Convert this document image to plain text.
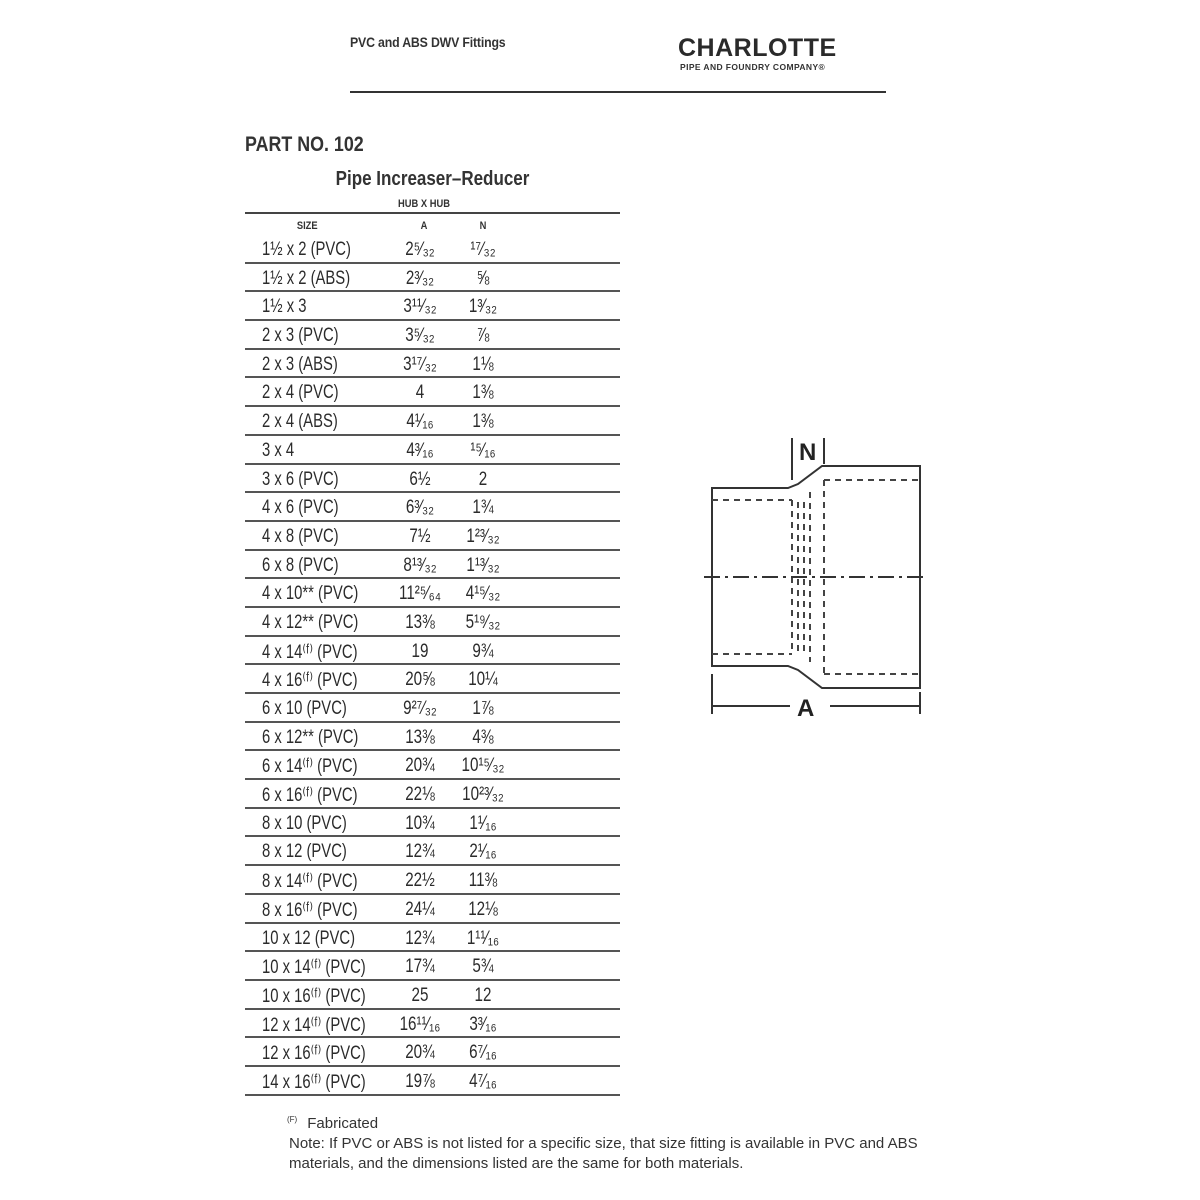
PVC and ABS DWV Fittings	CHARLOTTE
PIPE AND FOUNDRY COMPANY®
PART NO. 102
Pipe Increaser–Reducer
HUB X HUB
SIZE	A	N
1½ x 2 (PVC)	2⁵⁄₃₂	¹⁷⁄₃₂
1½ x 2 (ABS)	2³⁄₃₂	⅝
1½ x 3	3¹¹⁄₃₂	1³⁄₃₂
2 x 3 (PVC)	3⁵⁄₃₂	⅞
2 x 3 (ABS)	3¹⁷⁄₃₂	1⅛
2 x 4 (PVC)	4	1⅜
2 x 4 (ABS)	4¹⁄₁₆	1⅜
3 x 4	4³⁄₁₆	¹⁵⁄₁₆
3 x 6 (PVC)	6½	2
4 x 6 (PVC)	6³⁄₃₂	1¾
4 x 8 (PVC)	7½	1²³⁄₃₂
6 x 8 (PVC)	8¹³⁄₃₂	1¹³⁄₃₂
4 x 10** (PVC)	11²⁵⁄₆₄	4¹⁵⁄₃₂
4 x 12** (PVC)	13⅜	5¹⁹⁄₃₂
4 x 14⁽ᶠ⁾ (PVC)	19	9¾
4 x 16⁽ᶠ⁾ (PVC)	20⅝	10¼
6 x 10 (PVC)	9²⁷⁄₃₂	1⅞
6 x 12** (PVC)	13⅜	4⅜
6 x 14⁽ᶠ⁾ (PVC)	20¾	10¹⁵⁄₃₂
6 x 16⁽ᶠ⁾ (PVC)	22⅛	10²³⁄₃₂
8 x 10 (PVC)	10¾	1¹⁄₁₆
8 x 12 (PVC)	12¾	2¹⁄₁₆
8 x 14⁽ᶠ⁾ (PVC)	22½	11⅜
8 x 16⁽ᶠ⁾ (PVC)	24¼	12⅛
10 x 12 (PVC)	12¾	1¹¹⁄₁₆
10 x 14⁽ᶠ⁾ (PVC)	17¾	5¾
10 x 16⁽ᶠ⁾ (PVC)	25	12
12 x 14⁽ᶠ⁾ (PVC)	16¹¹⁄₁₆	3³⁄₁₆
12 x 16⁽ᶠ⁾ (PVC)	20¾	6⁷⁄₁₆
14 x 16⁽ᶠ⁾ (PVC)	19⅞	4⁷⁄₁₆
$^{(F)}$ Fabricated
Note: If PVC or ABS is not listed for a specific size, that size fitting is available in PVC and ABS materials, and the dimensions listed are the same for both materials.
N
A
